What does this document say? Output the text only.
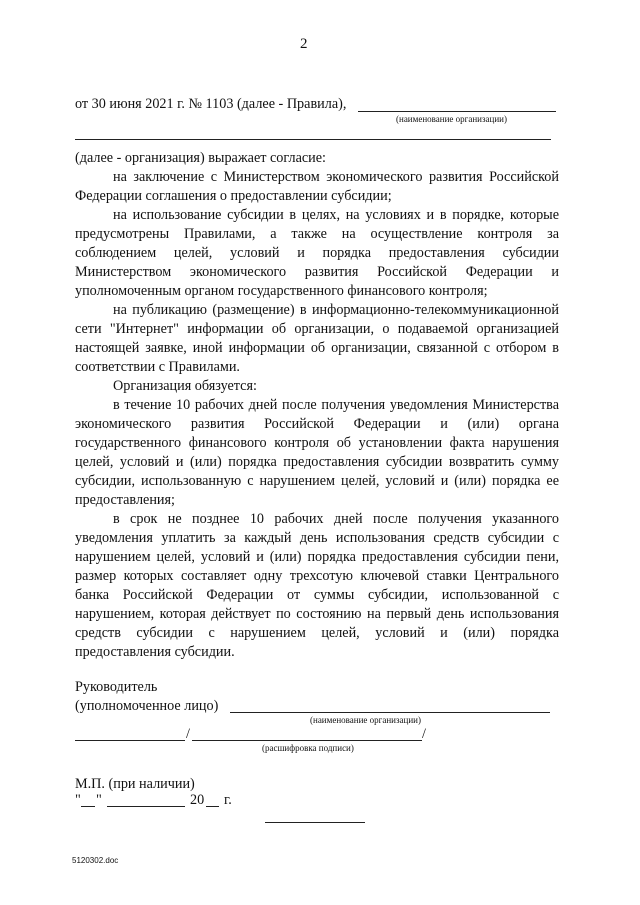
2
от 30 июня 2021 г. № 1103 (далее - Правила),
(наименование организации)
(далее - организация) выражает согласие:
на заключение с Министерством экономического развития Российской Федерации соглашения о предоставлении субсидии;
на использование субсидии в целях, на условиях и в порядке, которые предусмотрены Правилами, а также на осуществление контроля за соблюдением целей, условий и порядка предоставления субсидии Министерством экономического развития Российской Федерации и уполномоченным органом государственного финансового контроля;
на публикацию (размещение) в информационно-телекоммуникационной сети "Интернет" информации об организации, о подаваемой организацией настоящей заявке, иной информации об организации, связанной с отбором в соответствии с Правилами.
Организация обязуется:
в течение 10 рабочих дней после получения уведомления Министерства экономического развития Российской Федерации и (или) органа государственного финансового контроля об установлении факта нарушения целей, условий и (или) порядка предоставления субсидии возвратить сумму субсидии, использованную с нарушением целей, условий и (или) порядка ее предоставления;
в срок не позднее 10 рабочих дней после получения указанного уведомления уплатить за каждый день использования средств субсидии с нарушением целей, условий и (или) порядка предоставления субсидии пени, размер которых составляет одну трехсотую ключевой ставки Центрального банка Российской Федерации от суммы субсидии, использованной с нарушением, которая действует по состоянию на первый день использования средств субсидии с нарушением целей, условий и (или) порядка предоставления субсидии.
Руководитель
(уполномоченное лицо)
(наименование организации)
/	/
(расшифровка подписи)
М.П. (при наличии)
" "	20 г.
5120302.doc
